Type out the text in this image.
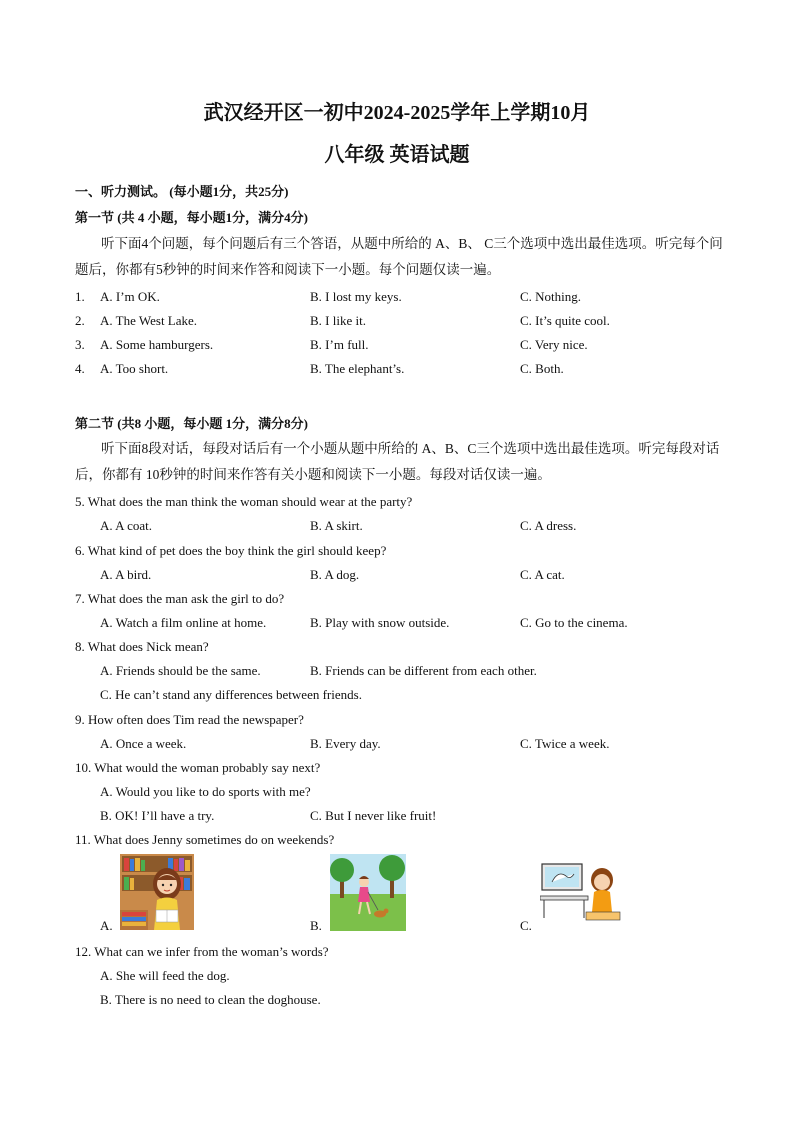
武汉经开区一初中2024-2025学年上学期10月
八年级 英语试题
一、听力测试。 (每小题1分，共25分)
第一节 (共 4 小题，每小题1分，满分4分)
听下面4个问题，每个问题后有三个答语，从题中所给的 A、B、 C三个选项中选出最佳选项。听完每个问题后，你都有5秒钟的时间来作答和阅读下一小题。每个问题仅读一遍。
1. A. I’m OK.	B. I lost my keys.	C. Nothing.
2. A. The West Lake.	B. I like it.	C. It’s quite cool.
3. A. Some hamburgers.	B. I’m full.	C. Very nice.
4. A. Too short.	B. The elephant’s.	C. Both.
第二节 (共8 小题，每小题 1分，满分8分)
听下面8段对话，每段对话后有一个小题从题中所给的 A、B、C三个选项中选出最佳选项。听完每段对话后，你都有 10秒钟的时间来作答有关小题和阅读下一小题。每段对话仅读一遍。
5. What does the man think the woman should wear at the party?
A. A coat.	B. A skirt.	C. A dress.
6. What kind of pet does the boy think the girl should keep?
A. A bird.	B. A dog.	C. A cat.
7. What does the man ask the girl to do?
A. Watch a film online at home.	B. Play with snow outside.	C. Go to the cinema.
8. What does Nick mean?
A. Friends should be the same.	B. Friends can be different from each other.
C. He can’t stand any differences between friends.
9. How often does Tim read the newspaper?
A. Once a week.	B. Every day.	C. Twice a week.
10. What would the woman probably say next?
A. Would you like to do sports with me?
B. OK! I’ll have a try.	C. But I never like fruit!
11. What does Jenny sometimes do on weekends?
A.	B.	C.
12. What can we infer from the woman’s words?
A. She will feed the dog.
B. There is no need to clean the doghouse.
